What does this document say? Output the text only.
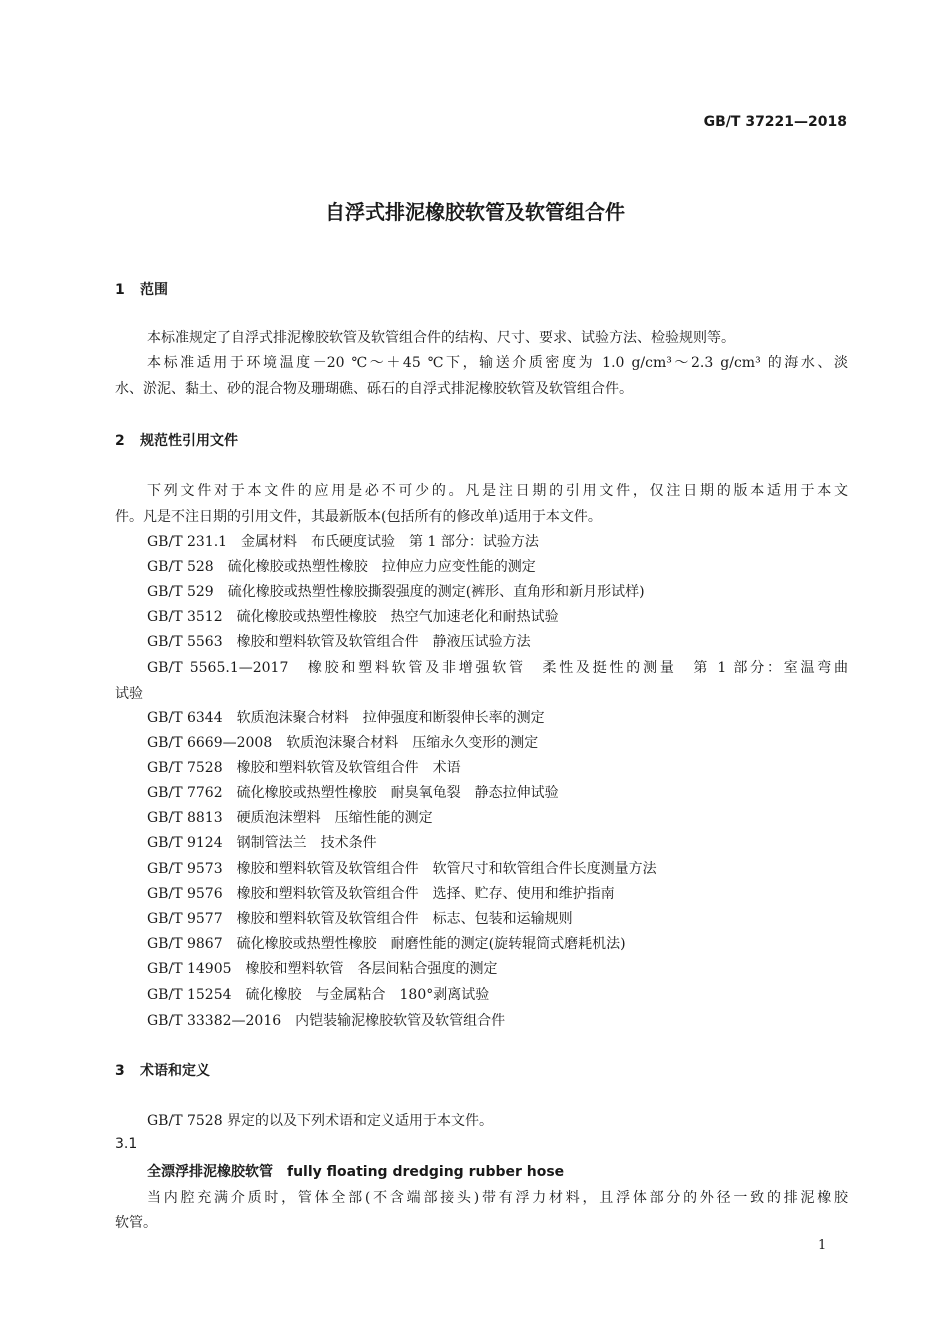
GB/T 37221—2018
自浮式排泥橡胶软管及软管组合件
1 范围
本标准规定了自浮式排泥橡胶软管及软管组合件的结构、尺寸、要求、试验方法、检验规则等。
本标准适用于环境温度－20 ℃～＋45 ℃下，输送介质密度为 1.0 g/cm³～2.3 g/cm³ 的海水、淡
水、淤泥、黏土、砂的混合物及珊瑚礁、砾石的自浮式排泥橡胶软管及软管组合件。
2 规范性引用文件
下列文件对于本文件的应用是必不可少的。凡是注日期的引用文件，仅注日期的版本适用于本文
件。凡是不注日期的引用文件，其最新版本(包括所有的修改单)适用于本文件。
GB/T 231.1　金属材料　布氏硬度试验　第 1 部分：试验方法
GB/T 528　硫化橡胶或热塑性橡胶　拉伸应力应变性能的测定
GB/T 529　硫化橡胶或热塑性橡胶撕裂强度的测定(裤形、直角形和新月形试样)
GB/T 3512　硫化橡胶或热塑性橡胶　热空气加速老化和耐热试验
GB/T 5563　橡胶和塑料软管及软管组合件　静液压试验方法
GB/T 5565.1—2017　橡胶和塑料软管及非增强软管　柔性及挺性的测量　第 1 部分：室温弯曲
试验
GB/T 6344　软质泡沫聚合材料　拉伸强度和断裂伸长率的测定
GB/T 6669—2008　软质泡沫聚合材料　压缩永久变形的测定
GB/T 7528　橡胶和塑料软管及软管组合件　术语
GB/T 7762　硫化橡胶或热塑性橡胶　耐臭氧龟裂　静态拉伸试验
GB/T 8813　硬质泡沫塑料　压缩性能的测定
GB/T 9124　钢制管法兰　技术条件
GB/T 9573　橡胶和塑料软管及软管组合件　软管尺寸和软管组合件长度测量方法
GB/T 9576　橡胶和塑料软管及软管组合件　选择、贮存、使用和维护指南
GB/T 9577　橡胶和塑料软管及软管组合件　标志、包装和运输规则
GB/T 9867　硫化橡胶或热塑性橡胶　耐磨性能的测定(旋转辊筒式磨耗机法)
GB/T 14905　橡胶和塑料软管　各层间粘合强度的测定
GB/T 15254　硫化橡胶　与金属粘合　180°剥离试验
GB/T 33382—2016　内铠装输泥橡胶软管及软管组合件
3 术语和定义
GB/T 7528 界定的以及下列术语和定义适用于本文件。
3.1
全漂浮排泥橡胶软管　fully floating dredging rubber hose
当内腔充满介质时，管体全部(不含端部接头)带有浮力材料，且浮体部分的外径一致的排泥橡胶
软管。
1
